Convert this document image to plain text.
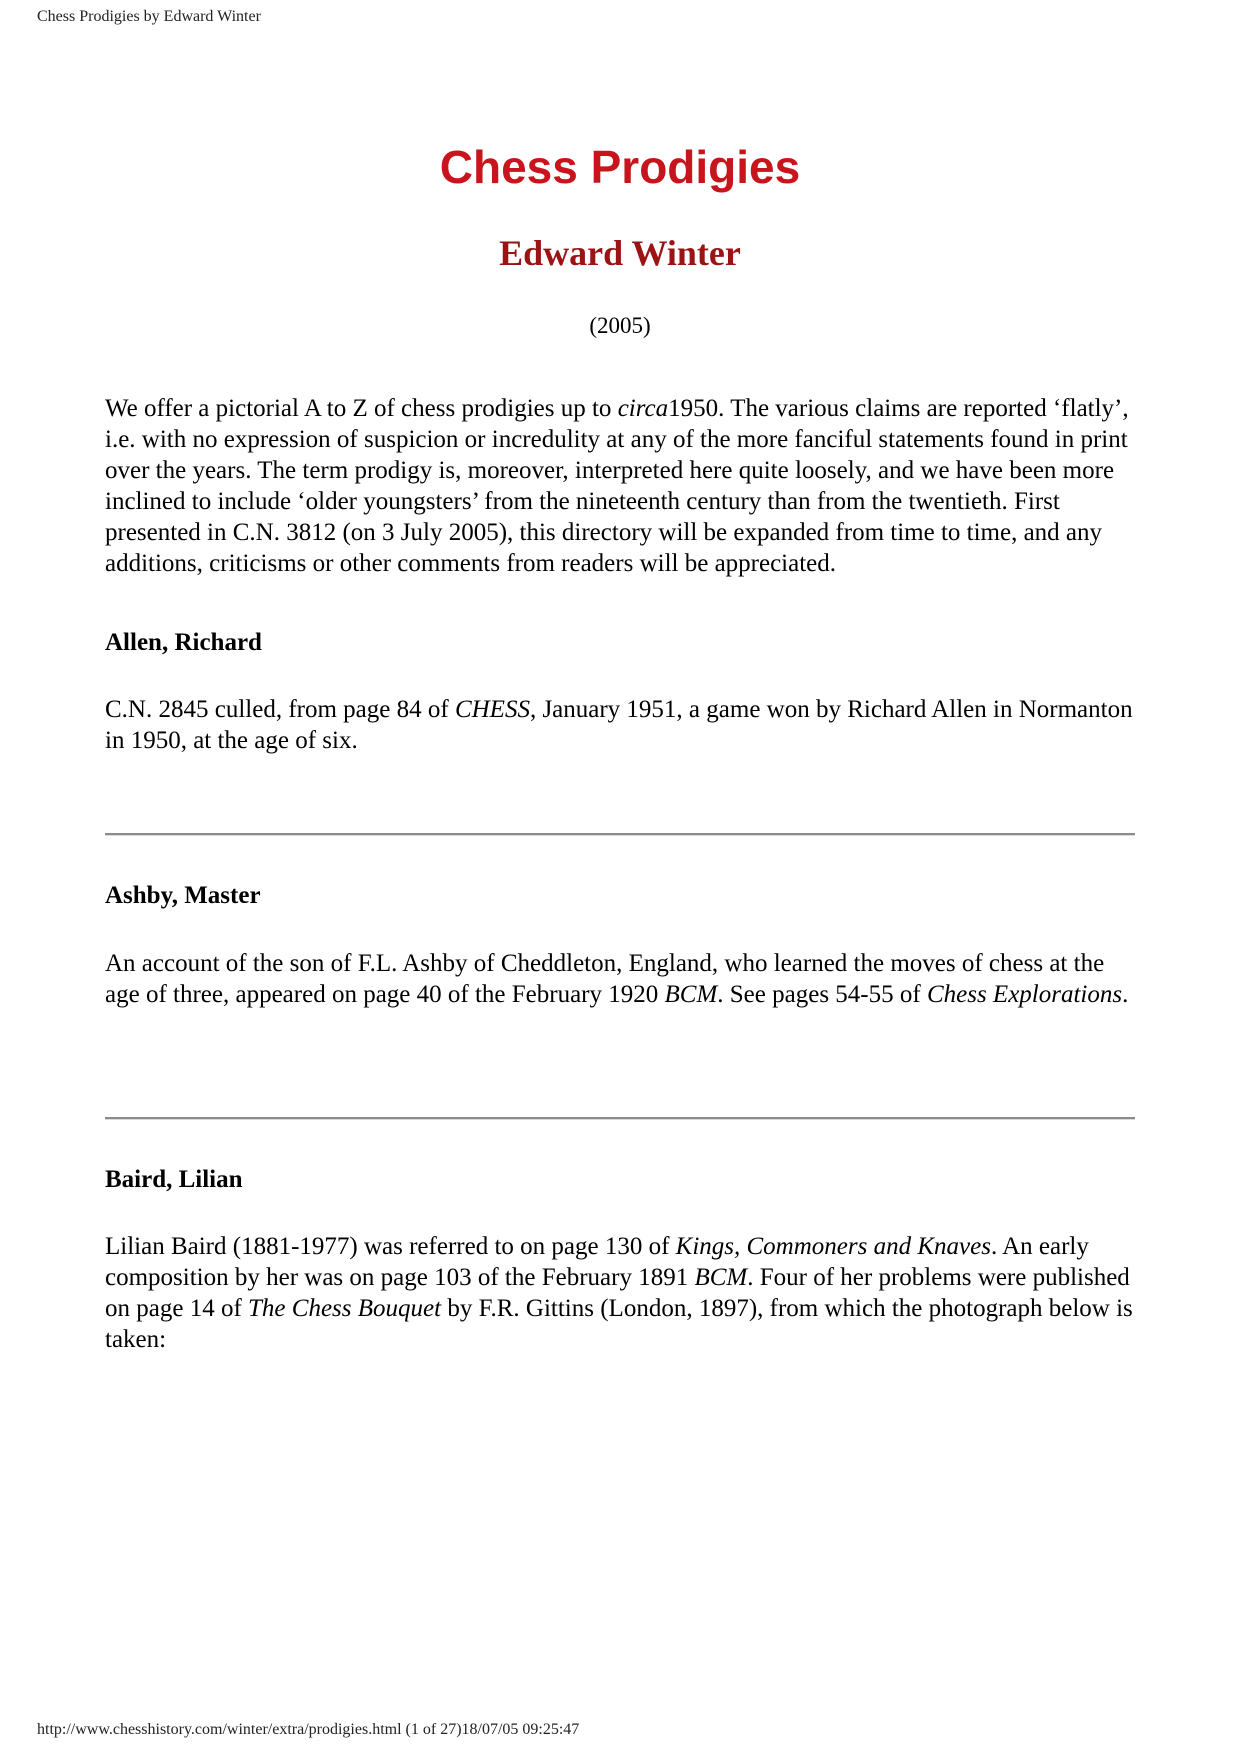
Chess Prodigies by Edward Winter
Chess Prodigies
Edward Winter
(2005)

We offer a pictorial A to Z of chess prodigies up to circa1950. The various claims are reported ‘flatly’, i.e. with no expression of suspicion or incredulity at any of the more fanciful statements found in print over the years. The term prodigy is, moreover, interpreted here quite loosely, and we have been more inclined to include ‘older youngsters’ from the nineteenth century than from the twentieth. First presented in C.N. 3812 (on 3 July 2005), this directory will be expanded from time to time, and any additions, criticisms or other comments from readers will be appreciated.

Allen, Richard

C.N. 2845 culled, from page 84 of CHESS, January 1951, a game won by Richard Allen in Normanton in 1950, at the age of six.

Ashby, Master

An account of the son of F.L. Ashby of Cheddleton, England, who learned the moves of chess at the age of three, appeared on page 40 of the February 1920 BCM. See pages 54-55 of Chess Explorations.

Baird, Lilian

Lilian Baird (1881-1977) was referred to on page 130 of Kings, Commoners and Knaves. An early composition by her was on page 103 of the February 1891 BCM. Four of her problems were published on page 14 of The Chess Bouquet by F.R. Gittins (London, 1897), from which the photograph below is taken:

http://www.chesshistory.com/winter/extra/prodigies.html (1 of 27)18/07/05 09:25:47
